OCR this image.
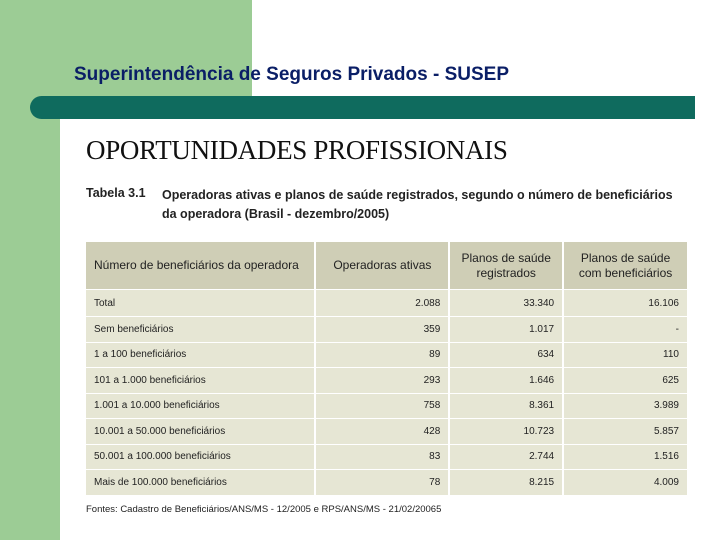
Superintendência de Seguros Privados - SUSEP
OPORTUNIDADES PROFISSIONAIS
Tabela 3.1 Operadoras ativas e planos de saúde registrados, segundo o número de beneficiários da operadora (Brasil - dezembro/2005)
Número de beneficiários da operadora	Operadoras ativas	Planos de saúde registrados	Planos de saúde com beneficiários
Total	2.088	33.340	16.106
Sem beneficiários	359	1.017	-
1 a 100 beneficiários	89	634	110
101 a 1.000 beneficiários	293	1.646	625
1.001 a 10.000 beneficiários	758	8.361	3.989
10.001 a 50.000 beneficiários	428	10.723	5.857
50.001 a 100.000 beneficiários	83	2.744	1.516
Mais de 100.000 beneficiários	78	8.215	4.009
Fontes: Cadastro de Beneficiários/ANS/MS - 12/2005 e RPS/ANS/MS - 21/02/20065
